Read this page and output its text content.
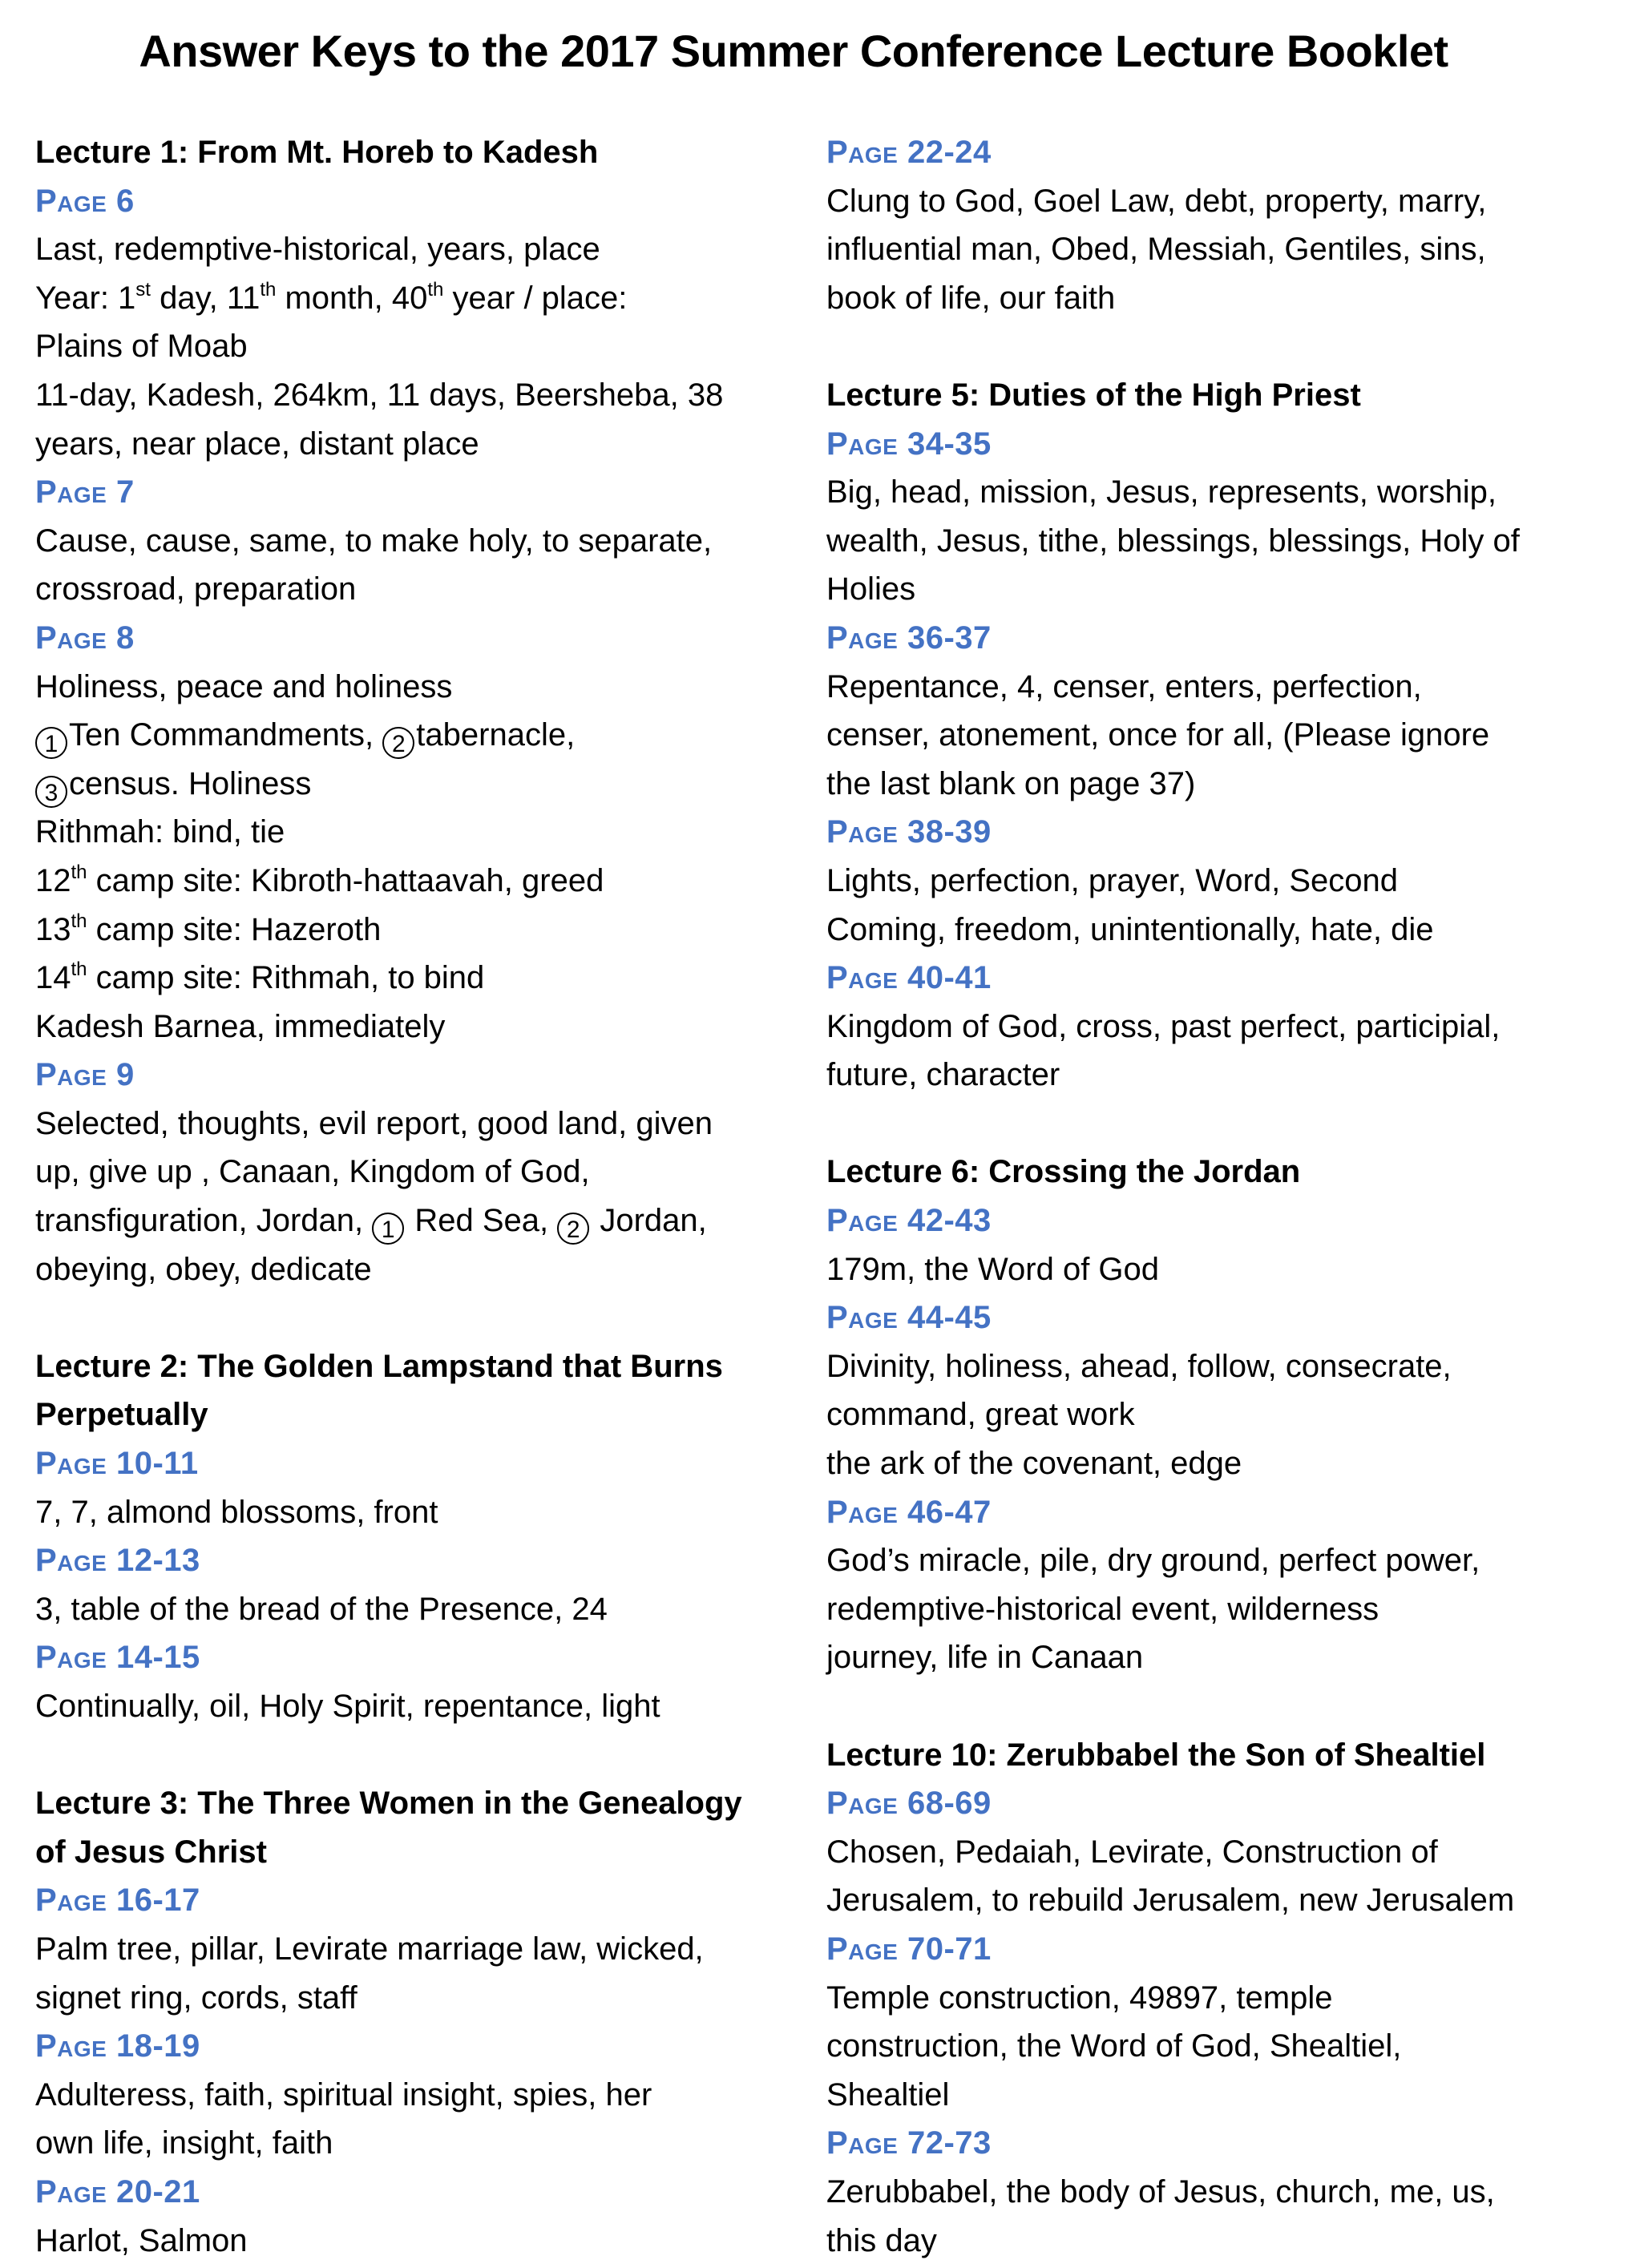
Answer Keys to the 2017 Summer Conference Lecture Booklet
Lecture 1: From Mt. Horeb to Kadesh
Page 6
Last, redemptive-historical, years, place
Year: 1st day, 11th month, 40th year / place:
Plains of Moab
11-day, Kadesh, 264km, 11 days, Beersheba, 38
years, near place, distant place
Page 7
Cause, cause, same, to make holy, to separate,
crossroad, preparation
Page 8
Holiness, peace and holiness
1 Ten Commandments, 2 tabernacle,
3 census. Holiness
Rithmah: bind, tie
12th camp site: Kibroth-hattaavah, greed
13th camp site: Hazeroth
14th camp site: Rithmah, to bind
Kadesh Barnea, immediately
Page 9
Selected, thoughts, evil report, good land, given
up, give up , Canaan, Kingdom of God,
transfiguration, Jordan, 1 Red Sea, 2 Jordan,
obeying, obey, dedicate
Lecture 2: The Golden Lampstand that Burns
Perpetually
Page 10-11
7, 7, almond blossoms, front
Page 12-13
3, table of the bread of the Presence, 24
Page 14-15
Continually, oil, Holy Spirit, repentance, light
Lecture 3: The Three Women in the Genealogy
of Jesus Christ
Page 16-17
Palm tree, pillar, Levirate marriage law, wicked,
signet ring, cords, staff
Page 18-19
Adulteress, faith, spiritual insight, spies, her
own life, insight, faith
Page 20-21
Harlot, Salmon
Page 22-24
Clung to God, Goel Law, debt, property, marry,
influential man, Obed, Messiah, Gentiles, sins,
book of life, our faith
Lecture 5: Duties of the High Priest
Page 34-35
Big, head, mission, Jesus, represents, worship,
wealth, Jesus, tithe, blessings, blessings, Holy of
Holies
Page 36-37
Repentance, 4, censer, enters, perfection,
censer, atonement, once for all, (Please ignore
the last blank on page 37)
Page 38-39
Lights, perfection, prayer, Word, Second
Coming, freedom, unintentionally, hate, die
Page 40-41
Kingdom of God, cross, past perfect, participial,
future, character
Lecture 6: Crossing the Jordan
Page 42-43
179m, the Word of God
Page 44-45
Divinity, holiness, ahead, follow, consecrate,
command, great work
the ark of the covenant, edge
Page 46-47
God’s miracle, pile, dry ground, perfect power,
redemptive-historical event, wilderness
journey, life in Canaan
Lecture 10: Zerubbabel the Son of Shealtiel
Page 68-69
Chosen, Pedaiah, Levirate, Construction of
Jerusalem, to rebuild Jerusalem, new Jerusalem
Page 70-71
Temple construction, 49897, temple
construction, the Word of God, Shealtiel,
Shealtiel
Page 72-73
Zerubbabel, the body of Jesus, church, me, us,
this day
